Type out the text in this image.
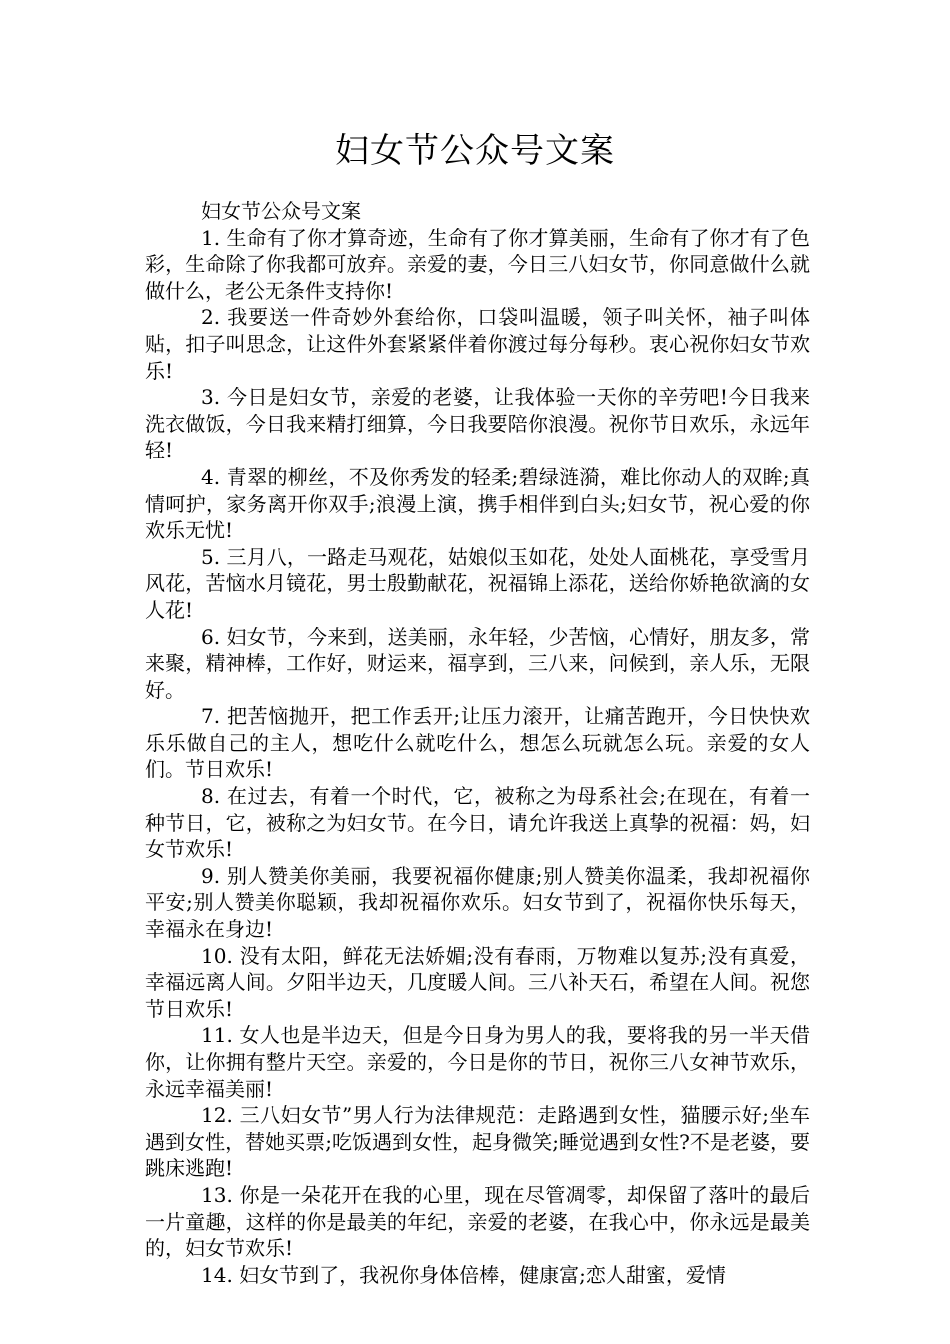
妇女节公众号文案

妇女节公众号文案

1. 生命有了你才算奇迹，生命有了你才算美丽，生命有了你才有了色彩，生命除了你我都可放弃。亲爱的妻，今日三八妇女节，你同意做什么就做什么，老公无条件支持你!

2. 我要送一件奇妙外套给你，口袋叫温暖，领子叫关怀，袖子叫体贴，扣子叫思念，让这件外套紧紧伴着你渡过每分每秒。衷心祝你妇女节欢乐!

3. 今日是妇女节，亲爱的老婆，让我体验一天你的辛劳吧!今日我来洗衣做饭，今日我来精打细算，今日我要陪你浪漫。祝你节日欢乐，永远年轻!

4. 青翠的柳丝，不及你秀发的轻柔;碧绿涟漪，难比你动人的双眸;真情呵护，家务离开你双手;浪漫上演，携手相伴到白头;妇女节，祝心爱的你欢乐无忧!

5. 三月八，一路走马观花，姑娘似玉如花，处处人面桃花，享受雪月风花，苦恼水月镜花，男士殷勤献花，祝福锦上添花，送给你娇艳欲滴的女人花!

6. 妇女节，今来到，送美丽，永年轻，少苦恼，心情好，朋友多，常来聚，精神棒，工作好，财运来，福享到，三八来，问候到，亲人乐，无限好。

7. 把苦恼抛开，把工作丢开;让压力滚开，让痛苦跑开，今日快快欢乐乐做自己的主人，想吃什么就吃什么，想怎么玩就怎么玩。亲爱的女人们。节日欢乐!

8. 在过去，有着一个时代，它，被称之为母系社会;在现在，有着一种节日，它，被称之为妇女节。在今日，请允许我送上真挚的祝福：妈，妇女节欢乐!

9. 别人赞美你美丽，我要祝福你健康;别人赞美你温柔，我却祝福你平安;别人赞美你聪颖，我却祝福你欢乐。妇女节到了，祝福你快乐每天，幸福永在身边!

10. 没有太阳，鲜花无法娇媚;没有春雨，万物难以复苏;没有真爱，幸福远离人间。夕阳半边天，几度暖人间。三八补天石，希望在人间。祝您节日欢乐!

11. 女人也是半边天，但是今日身为男人的我，要将我的另一半天借你，让你拥有整片天空。亲爱的，今日是你的节日，祝你三八女神节欢乐，永远幸福美丽!

12. 三八妇女节”男人行为法律规范：走路遇到女性，猫腰示好;坐车遇到女性，替她买票;吃饭遇到女性，起身微笑;睡觉遇到女性?不是老婆，要跳床逃跑!

13. 你是一朵花开在我的心里，现在尽管凋零，却保留了落叶的最后一片童趣，这样的你是最美的年纪，亲爱的老婆，在我心中，你永远是最美的，妇女节欢乐!

14. 妇女节到了，我祝你身体倍棒，健康富;恋人甜蜜，爱情
